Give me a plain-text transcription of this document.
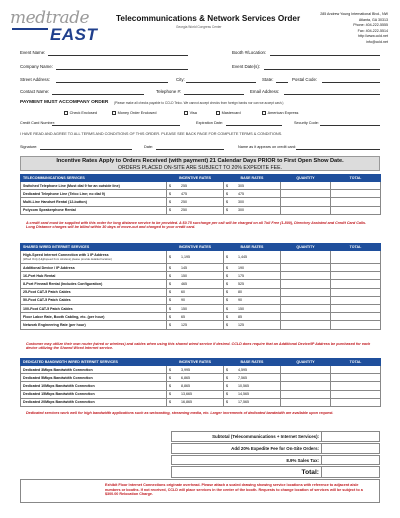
medtrade
EAST
Telecommunications & Network Services Order
Georgia World Congress Center
285 Andrew Young International Blvd., NW
Atlanta, GA 30313
Phone: 404-222-5555
Fax: 404-222-5514
http://www.ccld.net
info@ccld.net
Event Name:	Booth #/Location:
Company Name:	Event Date(s):
Street Address:	City:	State:	Postal Code:
Contact Name:	Telephone #:	Email Address:
PAYMENT MUST ACCOMPANY ORDER (Please make all checks payable to CCLD Telco. We cannot accept checks from foreign banks nor can we accept cash.)
Check Enclosed	Money Order Enclosed	Visa	Mastercard	American Express
Credit Card Number:	Expiration Date:	Security Code:
I HAVE READ AND AGREE TO ALL TERMS AND CONDITIONS OF THIS ORDER. PLEASE SEE BACK PAGE FOR COMPLETE TERMS & CONDITIONS.
Signature:	Date:	Name as it appears on credit card:
Incentive Rates Apply to Orders Received (with payment) 21 Calendar Days PRIOR to First Open Show Date.
ORDERS PLACED ON-SITE ARE SUBJECT TO 20% EXPEDITE FEE.
TELECOMMUNICATIONS SERVICES	INCENTIVE RATES	BASE RATES	QUANTITY	TOTAL
Switched Telephone Line (Must dial 9 for an outside line)	$ 255	$ 305		
Dedicated Telephone Line (Telco Line; no dial 9)	$ 475	$ 475		
Multi-Line Handset Rental (12-button)	$ 250	$ 300		
Polycom Speakerphone Rental	$ 250	$ 300		
A credit card must be supplied with this order for long distance service to be provided. A $0.75 surcharge per call will be charged on all Toll Free (1-800), Directory Assisted and Credit Card Calls. Long Distance charges will be billed within 30 days of move-out and charged to your credit card.
SHARED WIRED INTERNET SERVICES	INCENTIVE RATES	BASE RATES	QUANTITY	TOTAL
High-Speed Internet Connection with 1 IP Address
(Wired Only (Highspeed from wireless) please provide detailed location)	$ 1,195	$ 1,445		
Additional Device / IP Address	$ 145	$ 190		
16-Port Hub Rental	$ 150	$ 175		
8-Port Firewall Rental (Includes Configuration)	$ 465	$ 525		
25-Foot CAT-5 Patch Cables	$ 60	$ 80		
50-Foot CAT-5 Patch Cables	$ 90	$ 90		
100-Foot CAT-5 Patch Cables	$ 150	$ 150		
Floor Labor Rate, Booth Cabling, etc. (per hour)	$ 65	$ 85		
Network Engineering Rate (per hour)	$ 125	$ 125		
Customer may utilize their own router (wired or wireless) and cables when using this shared wired service if desired. CCLD does require that an Additional Device/IP Address be purchased for each device utilizing the Shared Wired Internet service.
DEDICATED BANDWIDTH WIRED INTERNET SERVICES	INCENTIVE RATES	BASE RATES	QUANTITY	TOTAL
Dedicated 3Mbps Bandwidth Connection	$ 3,995	$ 4,595		
Dedicated 5Mbps Bandwidth Connection	$ 6,865	$ 7,565		
Dedicated 10Mbps Bandwidth Connection	$ 8,865	$ 10,565		
Dedicated 15Mbps Bandwidth Connection	$ 13,665	$ 14,565		
Dedicated 20Mbps Bandwidth Connection	$ 16,865	$ 17,565		
Dedicated services work well for high bandwidth applications such as webcasting, streaming media, etc. Larger increments of dedicated bandwidth are available upon request.
Subtotal (Telecommunications + Internet Services):
Add 20% Expedite Fee for On-Site Orders:
8.9% Sales Tax:
Total:
Exhibit Floor Internet Connections originate overhead. Please attach a scaled drawing showing service locations with reference to adjacent aisle numbers or booths. If not received, CCLD will place services in the center of the booth. Requests to change location of services will be subject to a $300.00 Relocation Charge.
